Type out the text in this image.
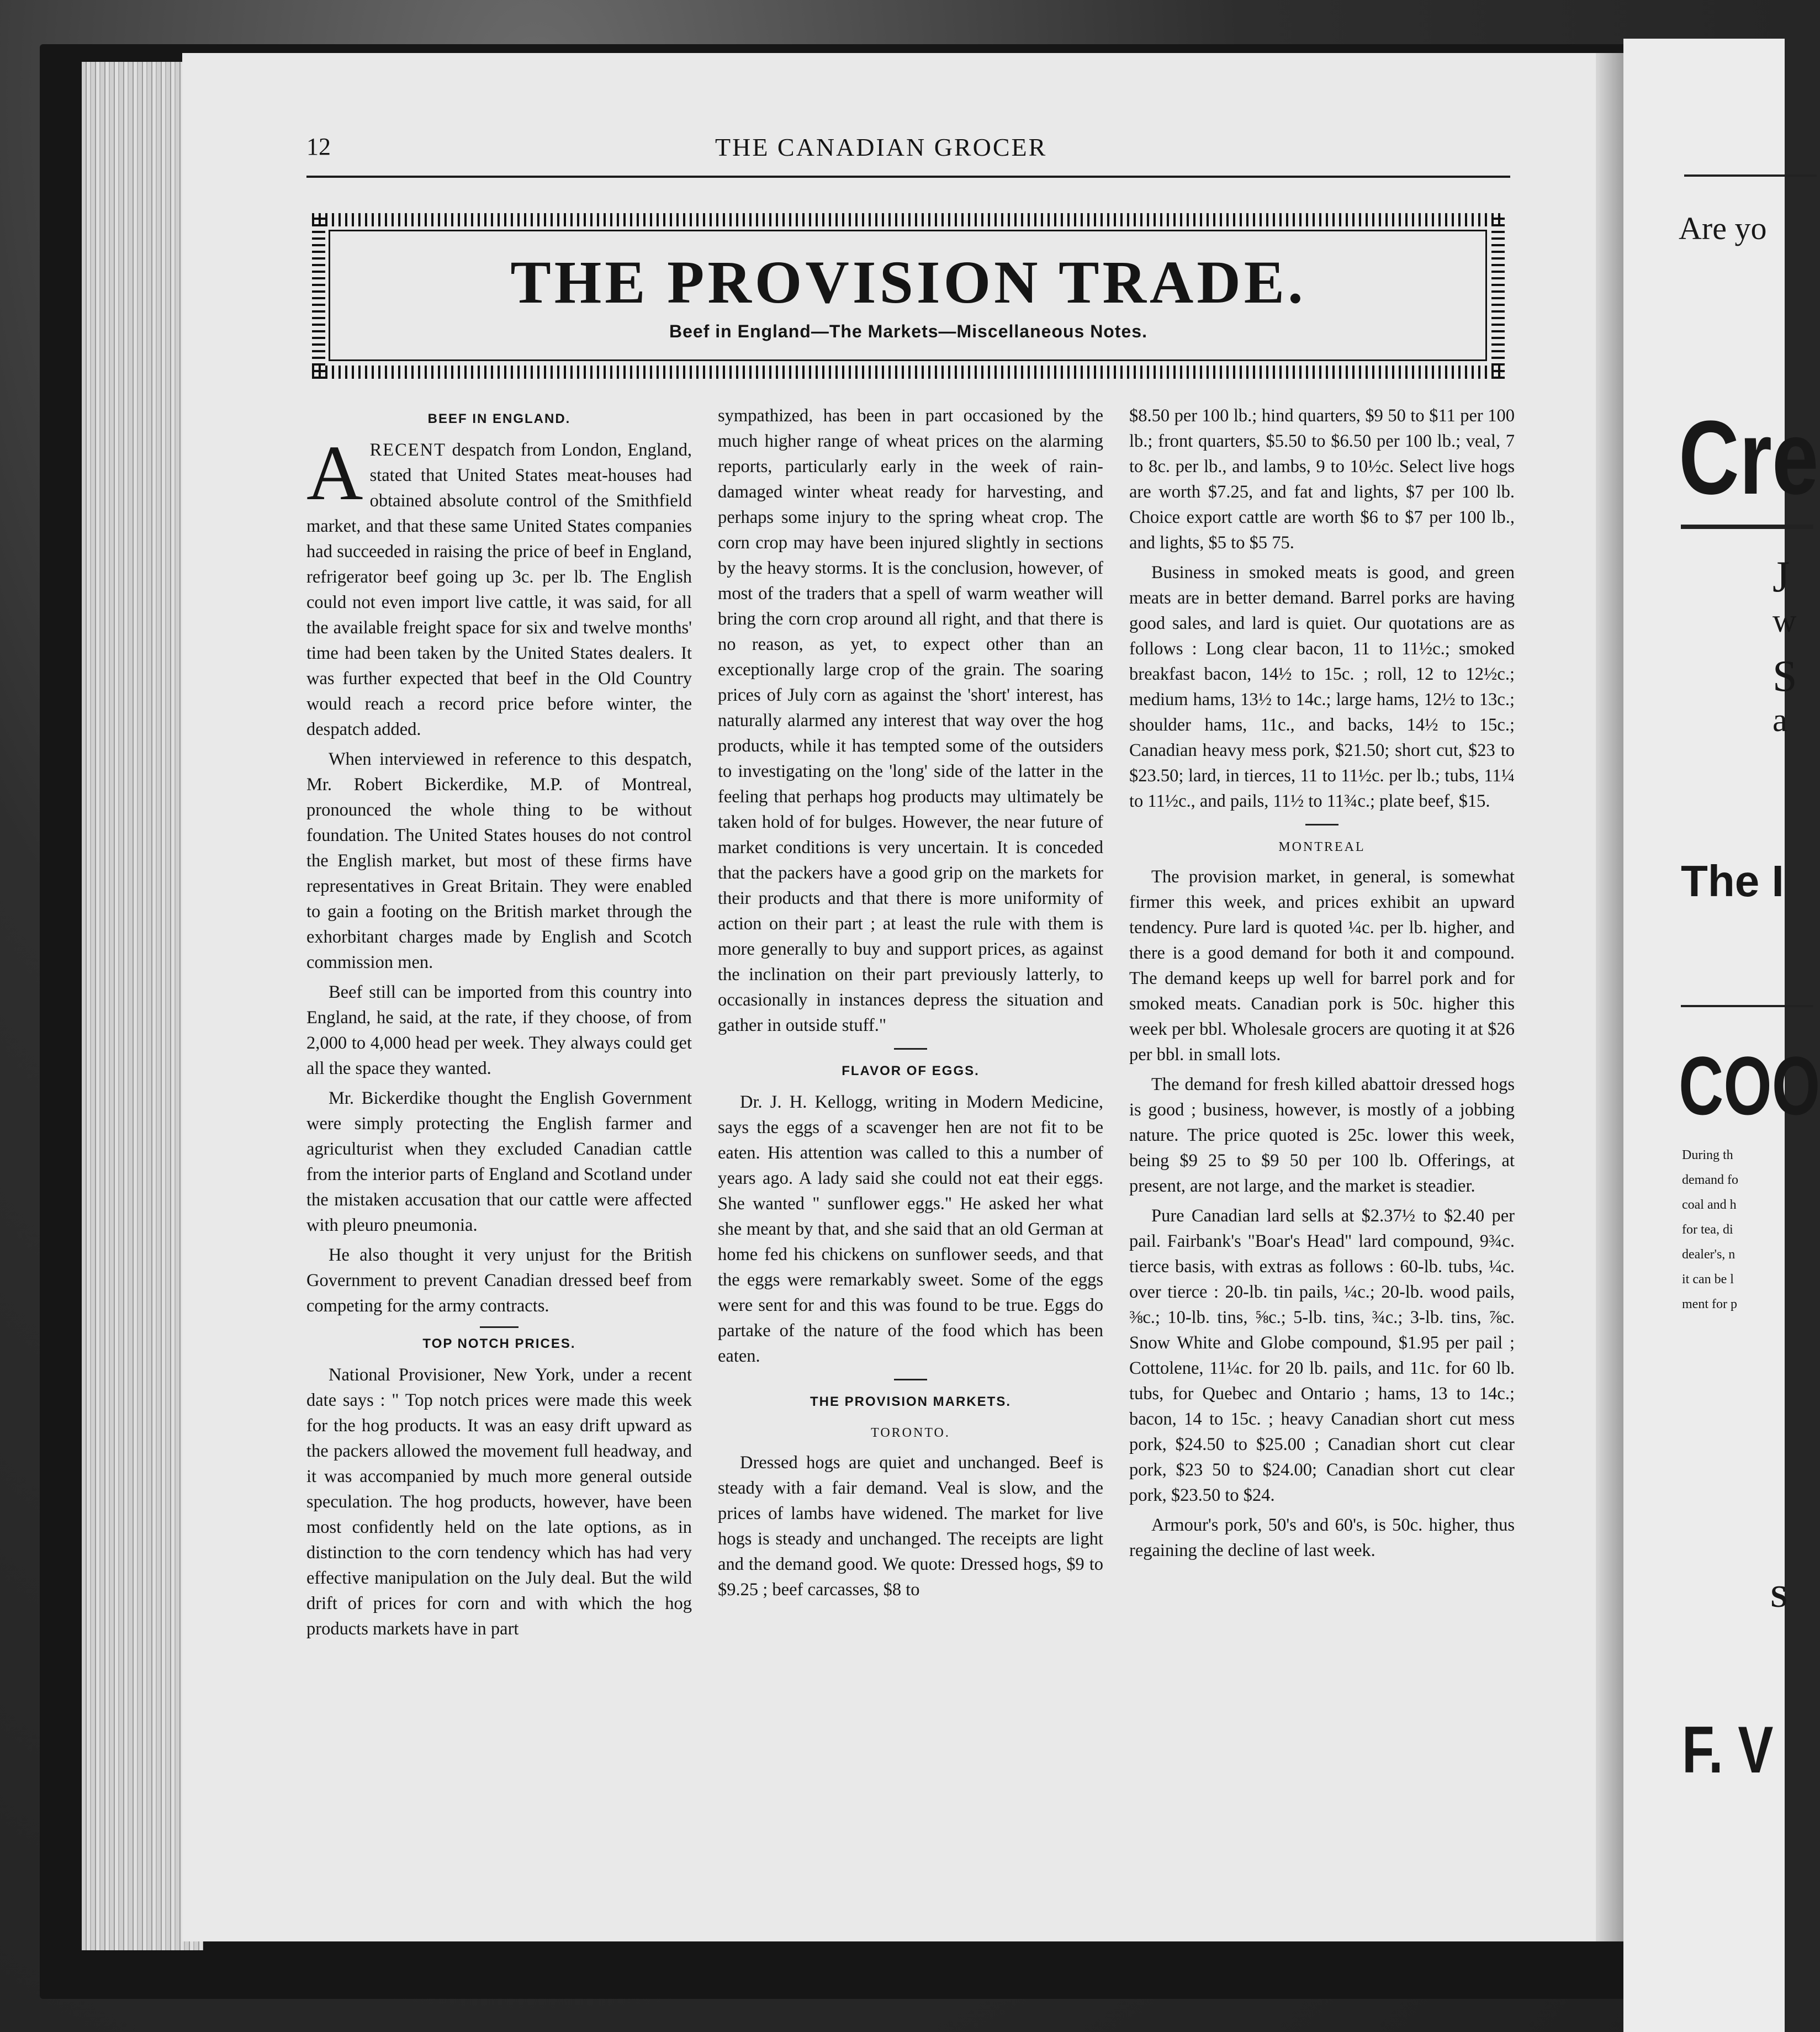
Are yo
Cre
J
w
S
a
The I
COO
During th
demand fo
coal and h
for tea, di
dealer's, n
it can be l
ment for p
S
F. V
12	THE CANADIAN GROCER
THE PROVISION TRADE.
Beef in England—The Markets—Miscellaneous Notes.
BEEF IN ENGLAND.

ARECENT despatch from London, England, stated that United States meat-houses had obtained absolute control of the Smithfield market, and that these same United States companies had succeeded in raising the price of beef in England, refrigerator beef going up 3c. per lb. The English could not even import live cattle, it was said, for all the available freight space for six and twelve months' time had been taken by the United States dealers. It was further expected that beef in the Old Country would reach a record price before winter, the despatch added.

When interviewed in reference to this despatch, Mr. Robert Bickerdike, M.P. of Montreal, pronounced the whole thing to be without foundation. The United States houses do not control the English market, but most of these firms have representatives in Great Britain. They were enabled to gain a footing on the British market through the exhorbitant charges made by English and Scotch commission men.

Beef still can be imported from this country into England, he said, at the rate, if they choose, of from 2,000 to 4,000 head per week. They always could get all the space they wanted.

Mr. Bickerdike thought the English Government were simply protecting the English farmer and agriculturist when they excluded Canadian cattle from the interior parts of England and Scotland under the mistaken accusation that our cattle were affected with pleuro pneumonia.

He also thought it very unjust for the British Government to prevent Canadian dressed beef from competing for the army contracts.

TOP NOTCH PRICES.

National Provisioner, New York, under a recent date says : " Top notch prices were made this week for the hog products. It was an easy drift upward as the packers allowed the movement full headway, and it was accompanied by much more general outside speculation. The hog products, however, have been most confidently held on the late options, as in distinction to the corn tendency which has had very effective manipulation on the July deal. But the wild drift of prices for corn and with which the hog products markets have in part

sympathized, has been in part occasioned by the much higher range of wheat prices on the alarming reports, particularly early in the week of rain-damaged winter wheat ready for harvesting, and perhaps some injury to the spring wheat crop. The corn crop may have been injured slightly in sections by the heavy storms. It is the conclusion, however, of most of the traders that a spell of warm weather will bring the corn crop around all right, and that there is no reason, as yet, to expect other than an exceptionally large crop of the grain. The soaring prices of July corn as against the 'short' interest, has naturally alarmed any interest that way over the hog products, while it has tempted some of the outsiders to investigating on the 'long' side of the latter in the feeling that perhaps hog products may ultimately be taken hold of for bulges. However, the near future of market conditions is very uncertain. It is conceded that the packers have a good grip on the markets for their products and that there is more uniformity of action on their part ; at least the rule with them is more generally to buy and support prices, as against the inclination on their part previously latterly, to occasionally in instances depress the situation and gather in outside stuff."

FLAVOR OF EGGS.

Dr. J. H. Kellogg, writing in Modern Medicine, says the eggs of a scavenger hen are not fit to be eaten. His attention was called to this a number of years ago. A lady said she could not eat their eggs. She wanted " sunflower eggs." He asked her what she meant by that, and she said that an old German at home fed his chickens on sunflower seeds, and that the eggs were remarkably sweet. Some of the eggs were sent for and this was found to be true. Eggs do partake of the nature of the food which has been eaten.

THE PROVISION MARKETS.
TORONTO.

Dressed hogs are quiet and unchanged. Beef is steady with a fair demand. Veal is slow, and the prices of lambs have widened. The market for live hogs is steady and unchanged. The receipts are light and the demand good. We quote: Dressed hogs, $9 to $9.25 ; beef carcasses, $8 to

$8.50 per 100 lb.; hind quarters, $9 50 to $11 per 100 lb.; front quarters, $5.50 to $6.50 per 100 lb.; veal, 7 to 8c. per lb., and lambs, 9 to 10½c. Select live hogs are worth $7.25, and fat and lights, $7 per 100 lb. Choice export cattle are worth $6 to $7 per 100 lb., and lights, $5 to $5 75.

Business in smoked meats is good, and green meats are in better demand. Barrel porks are having good sales, and lard is quiet. Our quotations are as follows : Long clear bacon, 11 to 11½c.; smoked breakfast bacon, 14½ to 15c. ; roll, 12 to 12½c.; medium hams, 13½ to 14c.; large hams, 12½ to 13c.; shoulder hams, 11c., and backs, 14½ to 15c.; Canadian heavy mess pork, $21.50; short cut, $23 to $23.50; lard, in tierces, 11 to 11½c. per lb.; tubs, 11¼ to 11½c., and pails, 11½ to 11¾c.; plate beef, $15.

MONTREAL

The provision market, in general, is somewhat firmer this week, and prices exhibit an upward tendency. Pure lard is quoted ¼c. per lb. higher, and there is a good demand for both it and compound. The demand keeps up well for barrel pork and for smoked meats. Canadian pork is 50c. higher this week per bbl. Wholesale grocers are quoting it at $26 per bbl. in small lots.

The demand for fresh killed abattoir dressed hogs is good ; business, however, is mostly of a jobbing nature. The price quoted is 25c. lower this week, being $9 25 to $9 50 per 100 lb. Offerings, at present, are not large, and the market is steadier.

Pure Canadian lard sells at $2.37½ to $2.40 per pail. Fairbank's "Boar's Head" lard compound, 9¾c. tierce basis, with extras as follows : 60-lb. tubs, ¼c. over tierce : 20-lb. tin pails, ¼c.; 20-lb. wood pails, ⅜c.; 10-lb. tins, ⅝c.; 5-lb. tins, ¾c.; 3-lb. tins, ⅞c. Snow White and Globe compound, $1.95 per pail ; Cottolene, 11¼c. for 20 lb. pails, and 11c. for 60 lb. tubs, for Quebec and Ontario ; hams, 13 to 14c.; bacon, 14 to 15c. ; heavy Canadian short cut mess pork, $24.50 to $25.00 ; Canadian short cut clear pork, $23 50 to $24.00; Canadian short cut clear pork, $23.50 to $24.

Armour's pork, 50's and 60's, is 50c. higher, thus regaining the decline of last week.
